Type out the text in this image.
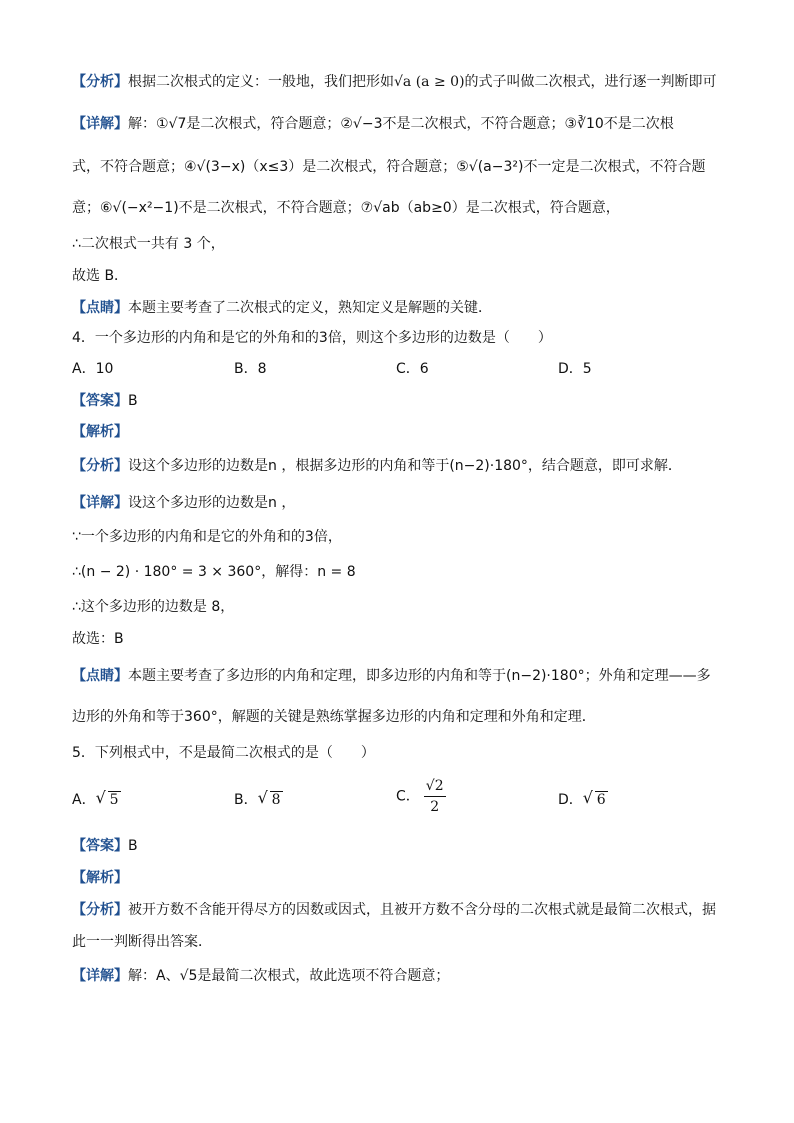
【分析】根据二次根式的定义：一般地，我们把形如√a (a ≥ 0)的式子叫做二次根式，进行逐一判断即可
【详解】解：①√7是二次根式，符合题意；②√−3不是二次根式，不符合题意；③∛10不是二次根
式，不符合题意；④√(3−x)（x≤3）是二次根式，符合题意；⑤√(a−3²)不一定是二次根式，不符合题
意；⑥√(−x²−1)不是二次根式，不符合题意；⑦√ab（ab≥0）是二次根式，符合题意，
∴二次根式一共有 3 个，
故选 B．
【点睛】本题主要考查了二次根式的定义，熟知定义是解题的关键．
4．一个多边形的内角和是它的外角和的3倍，则这个多边形的边数是（　　）
A．10	B．8	C．6	D．5
【答案】B
【解析】
【分析】设这个多边形的边数是n ，根据多边形的内角和等于(n−2)·180°，结合题意，即可求解．
【详解】设这个多边形的边数是n ，
∵一个多边形的内角和是它的外角和的3倍，
∴(n − 2) · 180° = 3 × 360°，解得：n = 8
∴这个多边形的边数是 8，
故选：B
【点睛】本题主要考查了多边形的内角和定理，即多边形的内角和等于(n−2)·180°；外角和定理——多
边形的外角和等于360°，解题的关键是熟练掌握多边形的内角和定理和外角和定理．
5．下列根式中，不是最简二次根式的是（　　）
A． √ 5	B． √ 8	C． $\frac{√2}{2}$	D． √ 6
【答案】B
【解析】
【分析】被开方数不含能开得尽方的因数或因式，且被开方数不含分母的二次根式就是最简二次根式，据
此一一判断得出答案．
【详解】解：A、√5是最简二次根式，故此选项不符合题意；
